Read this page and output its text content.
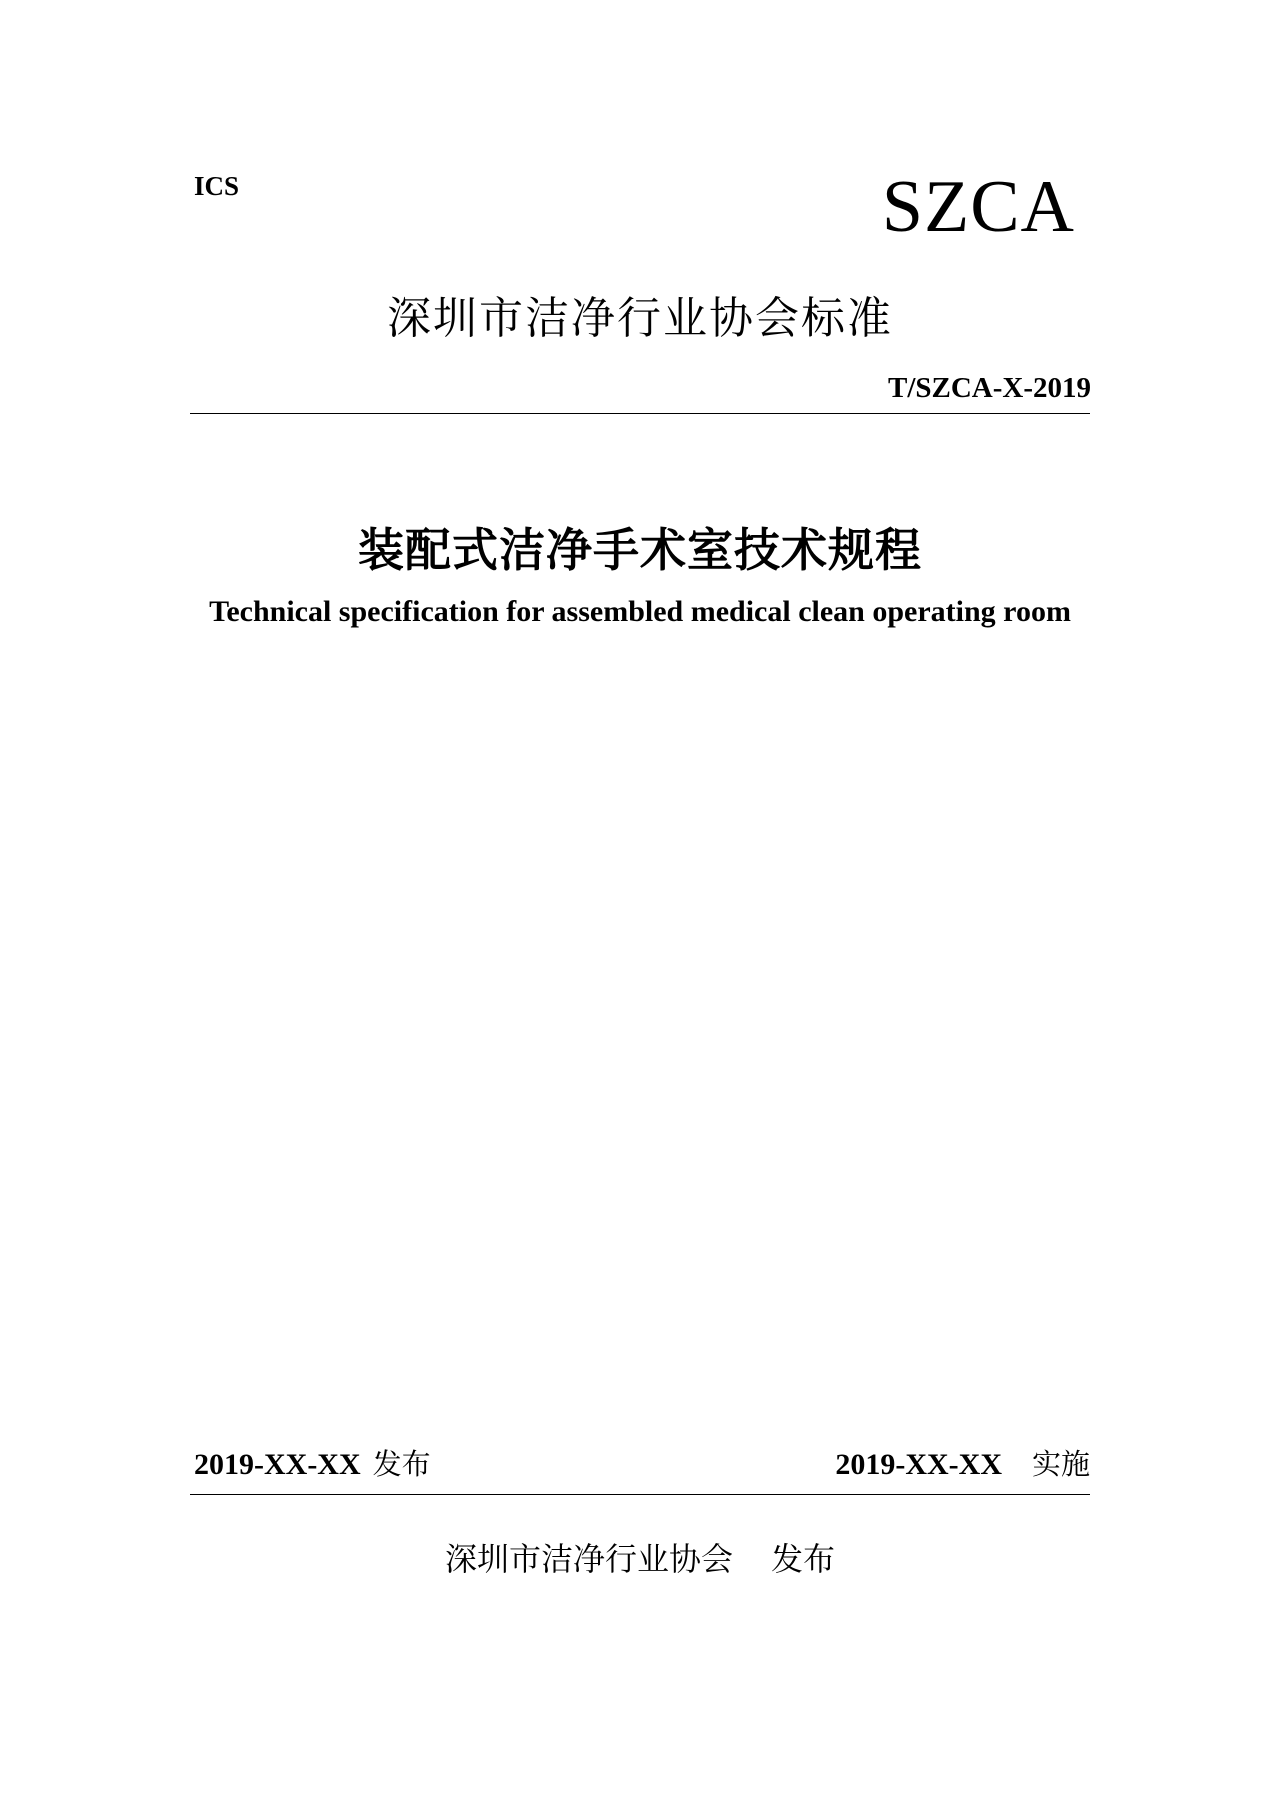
ICS	SZCA
深圳市洁净行业协会标准
T/SZCA-X-2019
装配式洁净手术室技术规程
Technical specification for assembled medical clean operating room
2019-XX-XX 发布	2019-XX-XX 实施
深圳市洁净行业协会 发布
